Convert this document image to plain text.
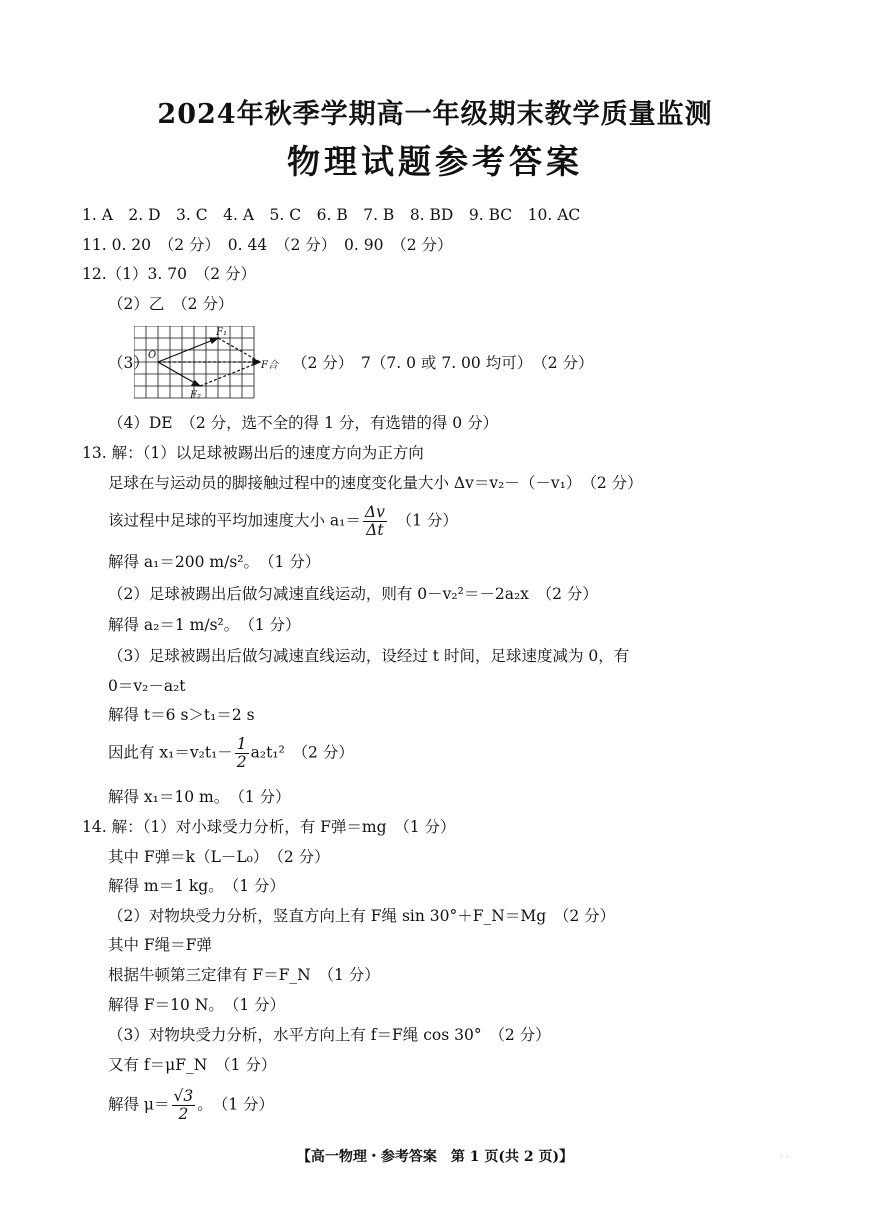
2024年秋季学期高一年级期末教学质量监测
物理试题参考答案
1. A　2. D　3. C　4. A　5. C　6. B　7. B　8. BD　9. BC　10. AC
11. 0. 20　（2 分）　0. 44　（2 分）　0. 90　（2 分）
12.（1）3. 70　（2 分）
（2）乙　（2 分）
（3） O
F₁
F₂
F合 （2 分）　7（7. 0 或 7. 00 均可）　（2 分）
（4）DE　（2 分，选不全的得 1 分，有选错的得 0 分）
13. 解：（1）以足球被踢出后的速度方向为正方向
足球在与运动员的脚接触过程中的速度变化量大小 Δv＝v₂－（－v₁）　（2 分）
该过程中足球的平均加速度大小 $a_1= \frac{\Delta v}{\Delta t}$
　 （1 分）
解得 a₁＝200 m/s²。　（1 分）
（2）足球被踢出后做匀减速直线运动，则有 0－v₂²＝－2a₂x　（2 分）
解得 a₂＝1 m/s²。　（1 分）
（3）足球被踢出后做匀减速直线运动，设经过 t 时间，足球速度减为 0，有
0＝v₂－a₂t
解得 t＝6 s＞t₁＝2 s
因此有 $x_1=v_2t_1- \frac{1}{2} a_2t_1^2$　（2 分）
解得 x₁＝10 m。　（1 分）
14. 解：（1）对小球受力分析，有 F弹＝mg　（1 分）
其中 F弹＝k（L－L₀）　（2 分）
解得 m＝1 kg。　（1 分）
（2）对物块受力分析，竖直方向上有 F绳 sin 30°＋F_N＝Mg　（2 分）
其中 F绳＝F弹
根据牛顿第三定律有 F＝F_N　（1 分）
解得 F＝10 N。　（1 分）
（3）对物块受力分析，水平方向上有 f＝F绳 cos 30°　（2 分）
又有 f＝μF_N　（1 分）
解得 $\mu= \frac{√3}{2}$ 。　（1 分）
【高一物理・参考答案　第 1 页(共 2 页)】	· ·
